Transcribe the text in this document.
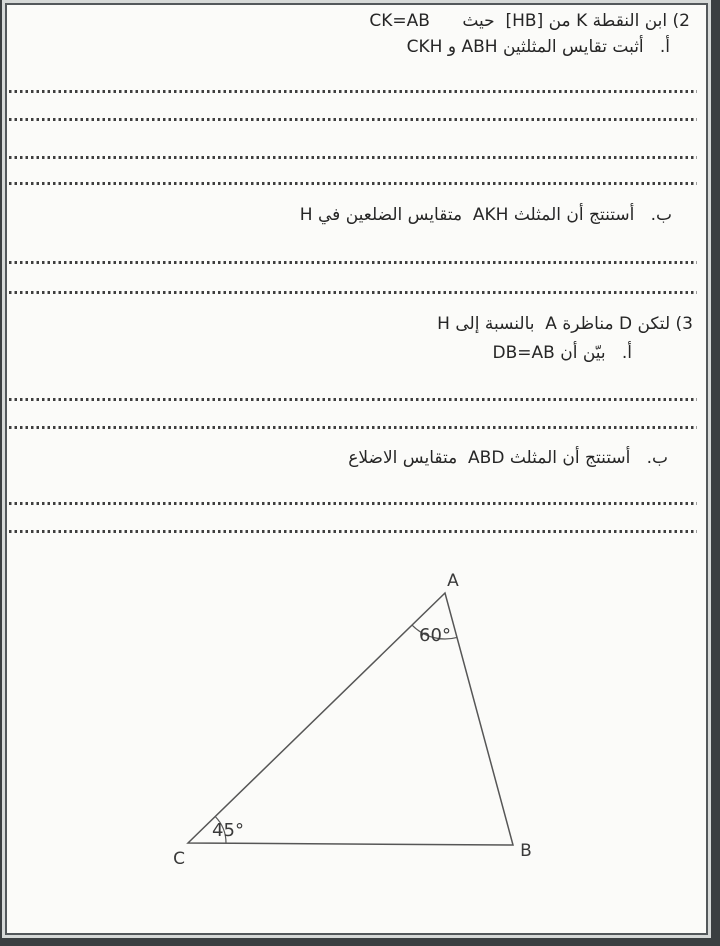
2) ابن النقطة K من [HB]  حيث      CK=AB
أ.   أثبت تقايس المثلثين ABH و CKH
ب.   أستنتج أن المثلث AKH  متقايس الضلعين في H
3) لتكن D مناظرة A  بالنسبة إلى H
أ.   بيّن أن DB=AB
ب.   أستنتج أن المثلث ABD  متقايس الاضلاع
A
B
C
60°
45°
